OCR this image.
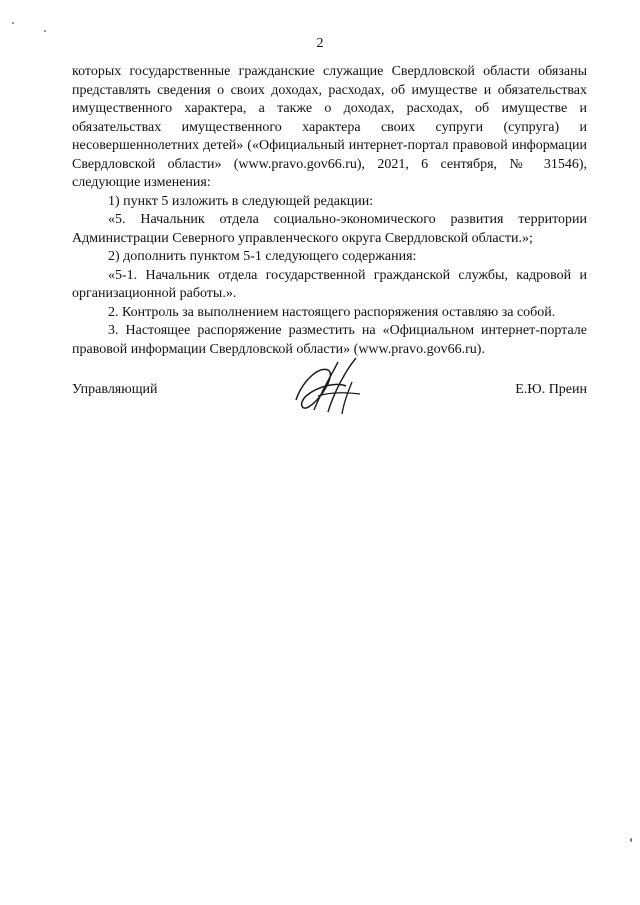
2

которых государственные гражданские служащие Свердловской области обязаны представлять сведения о своих доходах, расходах, об имуществе и обязательствах имущественного характера, а также о доходах, расходах, об имуществе и обязательствах имущественного характера своих супруги (супруга) и несовершеннолетних детей» («Официальный интернет-портал правовой информации Свердловской области» (www.pravo.gov66.ru), 2021, 6 сентября, № 31546), следующие изменения:

1) пункт 5 изложить в следующей редакции:

«5. Начальник отдела социально-экономического развития территории Администрации Северного управленческого округа Свердловской области.»;

2) дополнить пунктом 5-1 следующего содержания:

«5-1. Начальник отдела государственной гражданской службы, кадровой и организационной работы.».

2. Контроль за выполнением настоящего распоряжения оставляю за собой.

3. Настоящее распоряжение разместить на «Официальном интернет-портале правовой информации Свердловской области» (www.pravo.gov66.ru).

Управляющий	Е.Ю. Преин
